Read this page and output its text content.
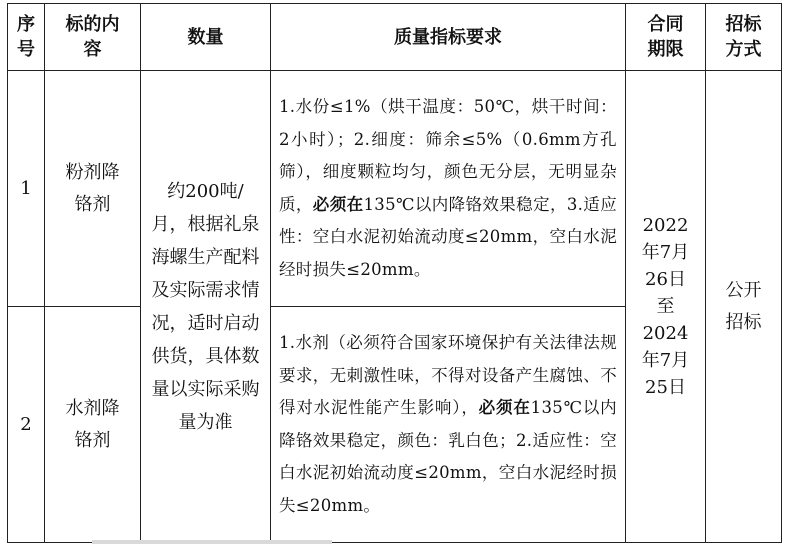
序号	标的内容	数量	质量指标要求	合同期限	招标方式

1	粉剂降铬剂	约200吨/月，根据礼泉海螺生产配料及实际需求情况，适时启动供货，具体数量以实际采购量为准	1.水份≤1%（烘干温度：50℃，烘干时间：2小时）；2.细度：筛余≤5%（0.6mm方孔筛），细度颗粒均匀，颜色无分层，无明显杂质，必须在135℃以内降铬效果稳定，3.适应性：空白水泥初始流动度≤20mm，空白水泥经时损失≤20mm。	2022年7月26日至2024年7月25日	公开招标

2	水剂降铬剂		1.水剂（必须符合国家环境保护有关法律法规要求，无刺激性味，不得对设备产生腐蚀、不得对水泥性能产生影响），必须在135℃以内降铬效果稳定，颜色：乳白色；2.适应性：空白水泥初始流动度≤20mm，空白水泥经时损失≤20mm。		
